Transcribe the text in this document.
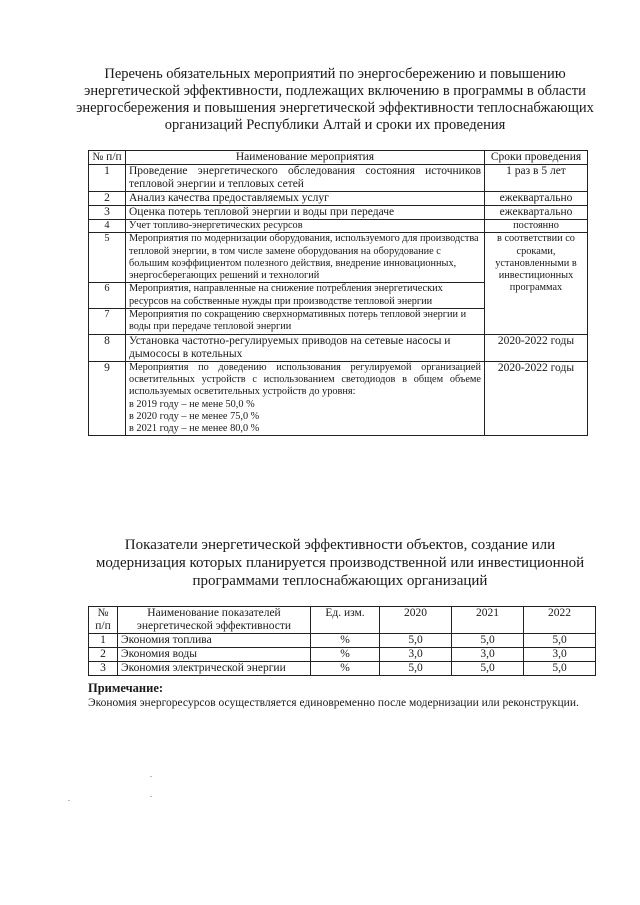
Перечень обязательных мероприятий по энергосбережению и повышению энергетической эффективности, подлежащих включению в программы в области энергосбережения и повышения энергетической эффективности теплоснабжающих организаций Республики Алтай и сроки их проведения
№ п/п	Наименование мероприятия	Сроки проведения
1	Проведение энергетического обследования состояния источников тепловой энергии и тепловых сетей	1 раз в 5 лет
2	Анализ качества предоставляемых услуг	ежеквартально
3	Оценка потерь тепловой энергии и воды при передаче	ежеквартально
4	Учет топливо-энергетических ресурсов	постоянно
5	Мероприятия по модернизации оборудования, используемого для производства тепловой энергии, в том числе замене оборудования на оборудование с большим коэффициентом полезного действия, внедрение инновационных, энергосберегающих решений и технологий	в соответствии со сроками, установленными в инвестиционных программах
6	Мероприятия, направленные на снижение потребления энергетических ресурсов на собственные нужды при производстве тепловой энергии	
7	Мероприятия по сокращению сверхнормативных потерь тепловой энергии и воды при передаче тепловой энергии	
8	Установка частотно-регулируемых приводов на сетевые насосы и дымососы в котельных	2020-2022 годы
9	Мероприятия по доведению использования регулируемой организацией осветительных устройств с использованием светодиодов в общем объеме используемых осветительных устройств до уровня:
в 2019 году – не мене 50,0 %
в 2020 году – не менее 75,0 %
в 2021 году – не менее 80,0 %	2020-2022 годы
Показатели энергетической эффективности объектов, создание или модернизация которых планируется производственной или инвестиционной программами теплоснабжающих организаций
№ п/п	Наименование показателей энергетической эффективности	Ед. изм.	2020	2021	2022
1	Экономия топлива	%	5,0	5,0	5,0
2	Экономия воды	%	3,0	3,0	3,0
3	Экономия электрической энергии	%	5,0	5,0	5,0
Примечание:
Экономия энергоресурсов осуществляется единовременно после модернизации или реконструкции.
